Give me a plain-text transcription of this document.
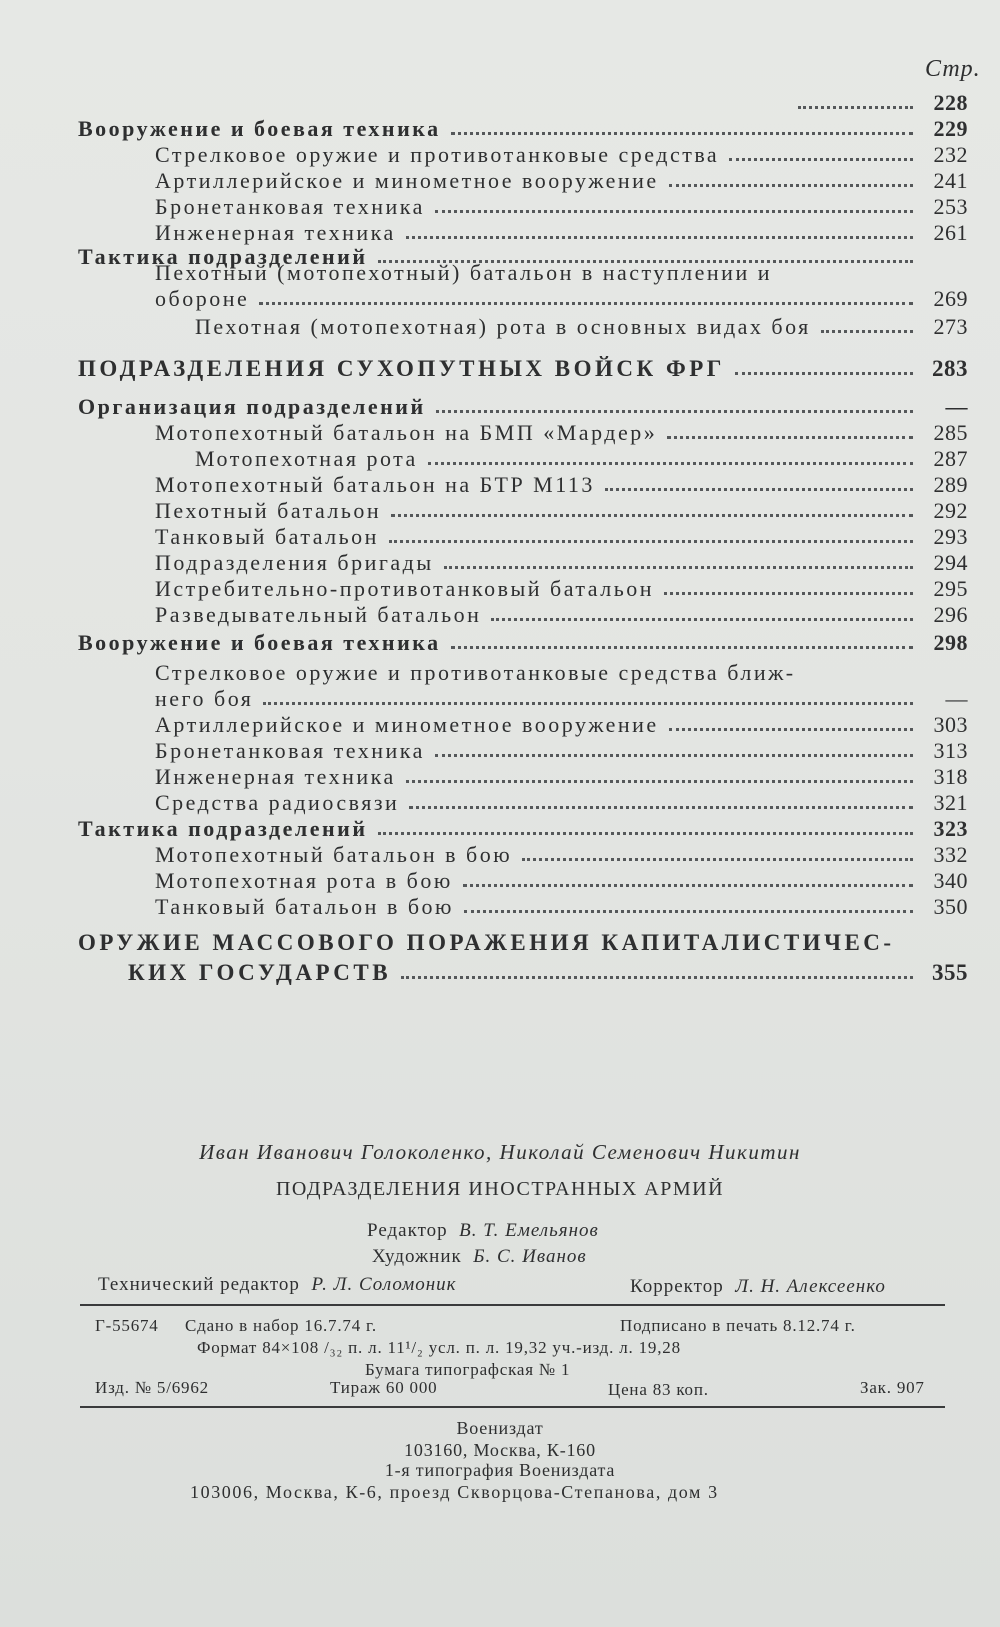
Стр.
228
Вооружение и боевая техника	229
Стрелковое оружие и противотанковые средства	232
Артиллерийское и минометное вооружение	241
Бронетанковая техника	253
Инженерная техника	261
Тактика подразделений
Пехотный (мотопехотный) батальон в наступлении и
обороне	269
Пехотная (мотопехотная) рота в основных видах боя	273
ПОДРАЗДЕЛЕНИЯ СУХОПУТНЫХ ВОЙСК ФРГ	283
Организация подразделений	—
Мотопехотный батальон на БМП «Мардер»	285
Мотопехотная рота	287
Мотопехотный батальон на БТР М113	289
Пехотный батальон	292
Танковый батальон	293
Подразделения бригады	294
Истребительно-противотанковый батальон	295
Разведывательный батальон	296
Вооружение и боевая техника	298
Стрелковое оружие и противотанковые средства ближ-
него боя	—
Артиллерийское и минометное вооружение	303
Бронетанковая техника	313
Инженерная техника	318
Средства радиосвязи	321
Тактика подразделений	323
Мотопехотный батальон в бою	332
Мотопехотная рота в бою	340
Танковый батальон в бою	350
ОРУЖИЕ МАССОВОГО ПОРАЖЕНИЯ КАПИТАЛИСТИЧЕС-
КИХ ГОСУДАРСТВ	355
Иван Иванович Голоколенко, Николай Семенович Никитин
ПОДРАЗДЕЛЕНИЯ ИНОСТРАННЫХ АРМИЙ
Редактор В. Т. Емельянов
Художник Б. С. Иванов
Технический редактор Р. Л. Соломоник	Корректор Л. Н. Алексеенко
Г-55674 Сдано в набор 16.7.74 г.	Подписано в печать 8.12.74 г.
Формат 84×108 /₃₂ п. л. 11¹/₂ усл. п. л. 19,32 уч.-изд. л. 19,28
Бумага типографская № 1
Изд. № 5/6962	Тираж 60 000	Цена 83 коп.	Зак. 907
Воениздат
103160, Москва, К-160
1-я типография Воениздата
103006, Москва, К-6, проезд Скворцова-Степанова, дом 3
